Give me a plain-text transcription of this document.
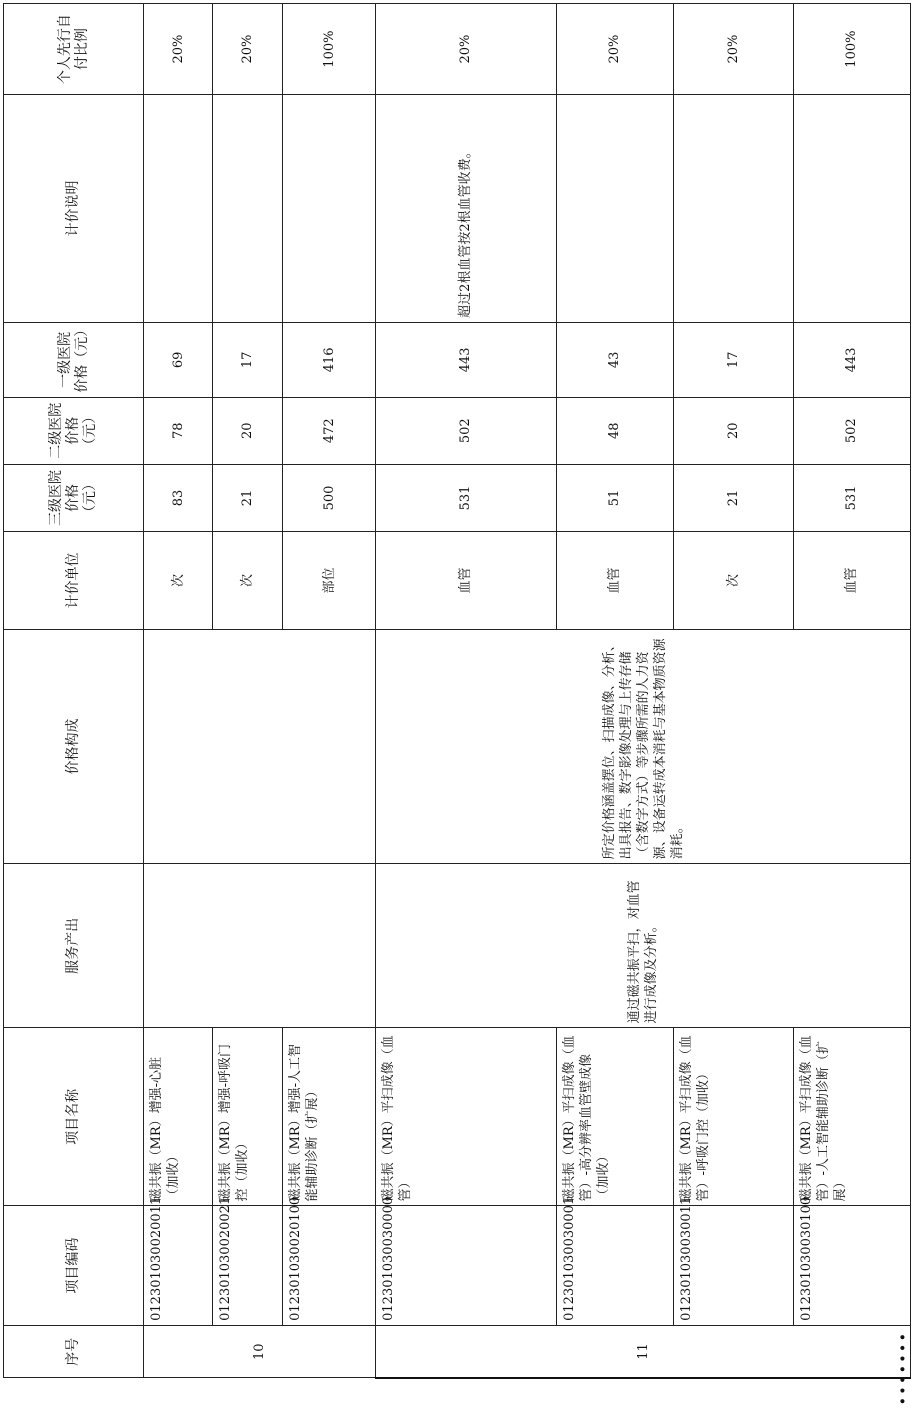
序号	项目编码	项目名称	服务产出	价格构成	计价单位	三级医院价格（元）	二级医院价格（元）	一级医院价格（元）	计价说明	个人先行自付比例
10	012301030020011	磁共振（MR）增强-心脏（加收）			次	83	78	69		20%
	012301030020021	磁共振（MR）增强-呼吸门控（加收）			次	21	20	17		20%
	012301030020100	磁共振（MR）增强-人工智能辅助诊断（扩展）			部位	500	472	416		100%
11	012301030030000	磁共振（MR）平扫成像（血管）	通过磁共振平扫，对血管进行成像及分析。	所定价格涵盖摆位、扫描成像、分析、出具报告、数字影像处理与上传存储（含数字方式）等步骤所需的人力资源、设备运转成本消耗与基本物质资源消耗。	血管	531	502	443	超过2根血管按2根血管收费。	20%
	012301030030001	磁共振（MR）平扫成像（血管）-高分辨率血管壁成像（加收）			血管	51	48	43		20%
	012301030030011	磁共振（MR）平扫成像（血管）-呼吸门控（加收）			次	21	20	17		20%
	012301030030100	磁共振（MR）平扫成像（血管）-人工智能辅助诊断（扩展）			血管	531	502	443		100%
·······
